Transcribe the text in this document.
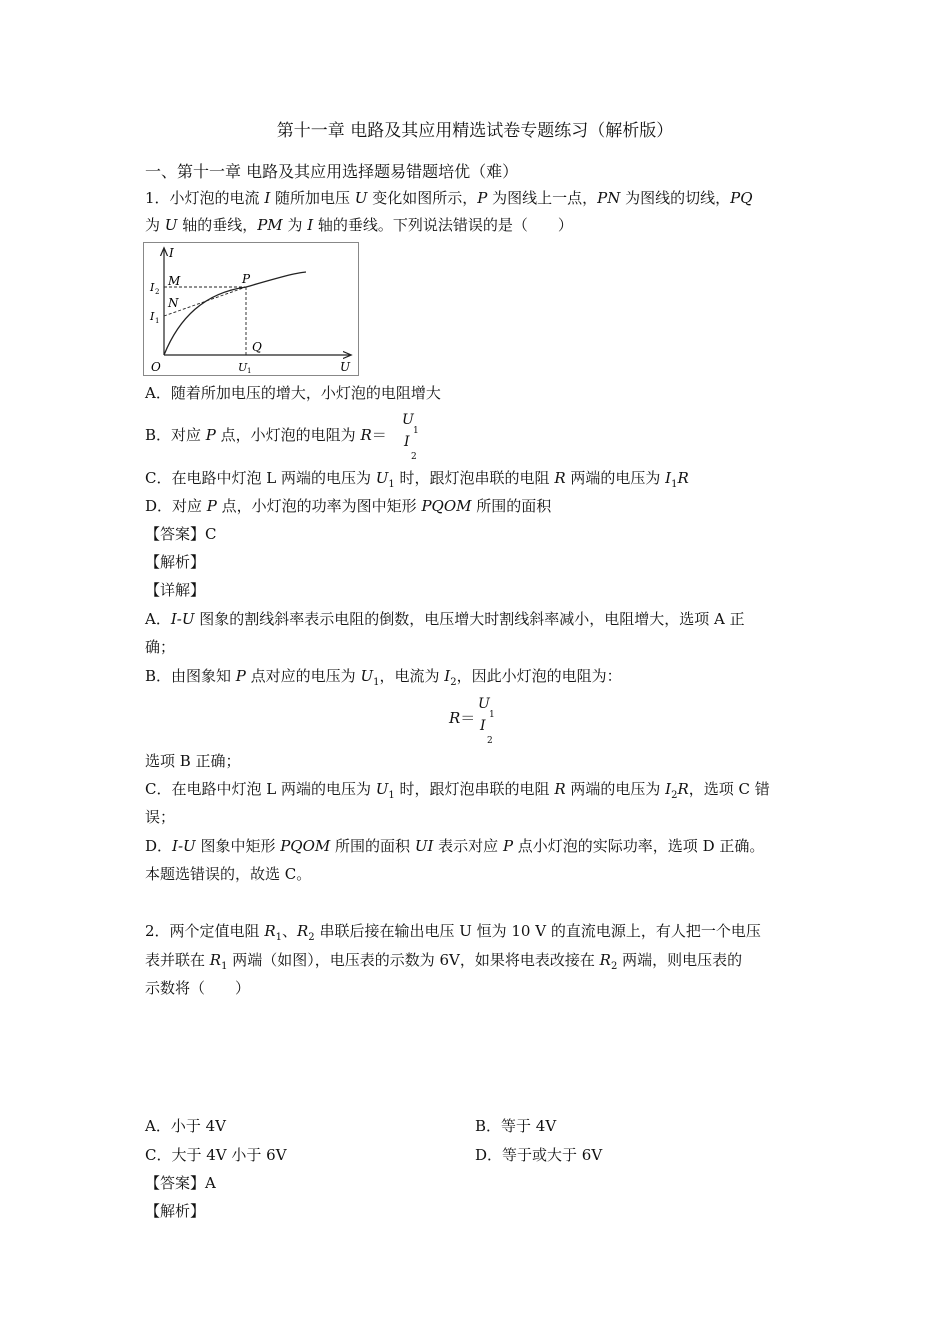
第十一章 电路及其应用精选试卷专题练习（解析版）
一、第十一章 电路及其应用选择题易错题培优（难）
1．小灯泡的电流 I 随所加电压 U 变化如图所示，P 为图线上一点，PN 为图线的切线，PQ
为 U 轴的垂线，PM 为 I 轴的垂线。下列说法错误的是（　　）
I
U
O
M
N
P
Q
I 2
I 1
U 1
A．随着所加电压的增大，小灯泡的电阻增大
B．对应 P 点，小灯泡的电阻为 R＝
U
1
I
2
C．在电路中灯泡 L 两端的电压为 $U_1$ 时，跟灯泡串联的电阻 R 两端的电压为 $I_1R$
D．对应 P 点，小灯泡的功率为图中矩形 PQOM 所围的面积
【答案】C
【解析】
【详解】
A．I-U 图象的割线斜率表示电阻的倒数，电压增大时割线斜率减小，电阻增大，选项 A 正
确；
B．由图象知 P 点对应的电压为 $U_1$，电流为 $I_2$，因此小灯泡的电阻为：
R＝
U
1
I
2
选项 B 正确；
C．在电路中灯泡 L 两端的电压为 $U_1$ 时，跟灯泡串联的电阻 R 两端的电压为 $I_2R$，选项 C 错
误；
D．I-U 图象中矩形 PQOM 所围的面积 UI 表示对应 P 点小灯泡的实际功率，选项 D 正确。
本题选错误的，故选 C。
2．两个定值电阻 $R_1$、$R_2$ 串联后接在输出电压 U 恒为 10 V 的直流电源上，有人把一个电压
表并联在 $R_1$ 两端（如图），电压表的示数为 6V，如果将电表改接在 $R_2$ 两端，则电压表的
示数将（　　）
A．小于 4V	B．等于 4V
C．大于 4V 小于 6V	D．等于或大于 6V
【答案】A
【解析】
